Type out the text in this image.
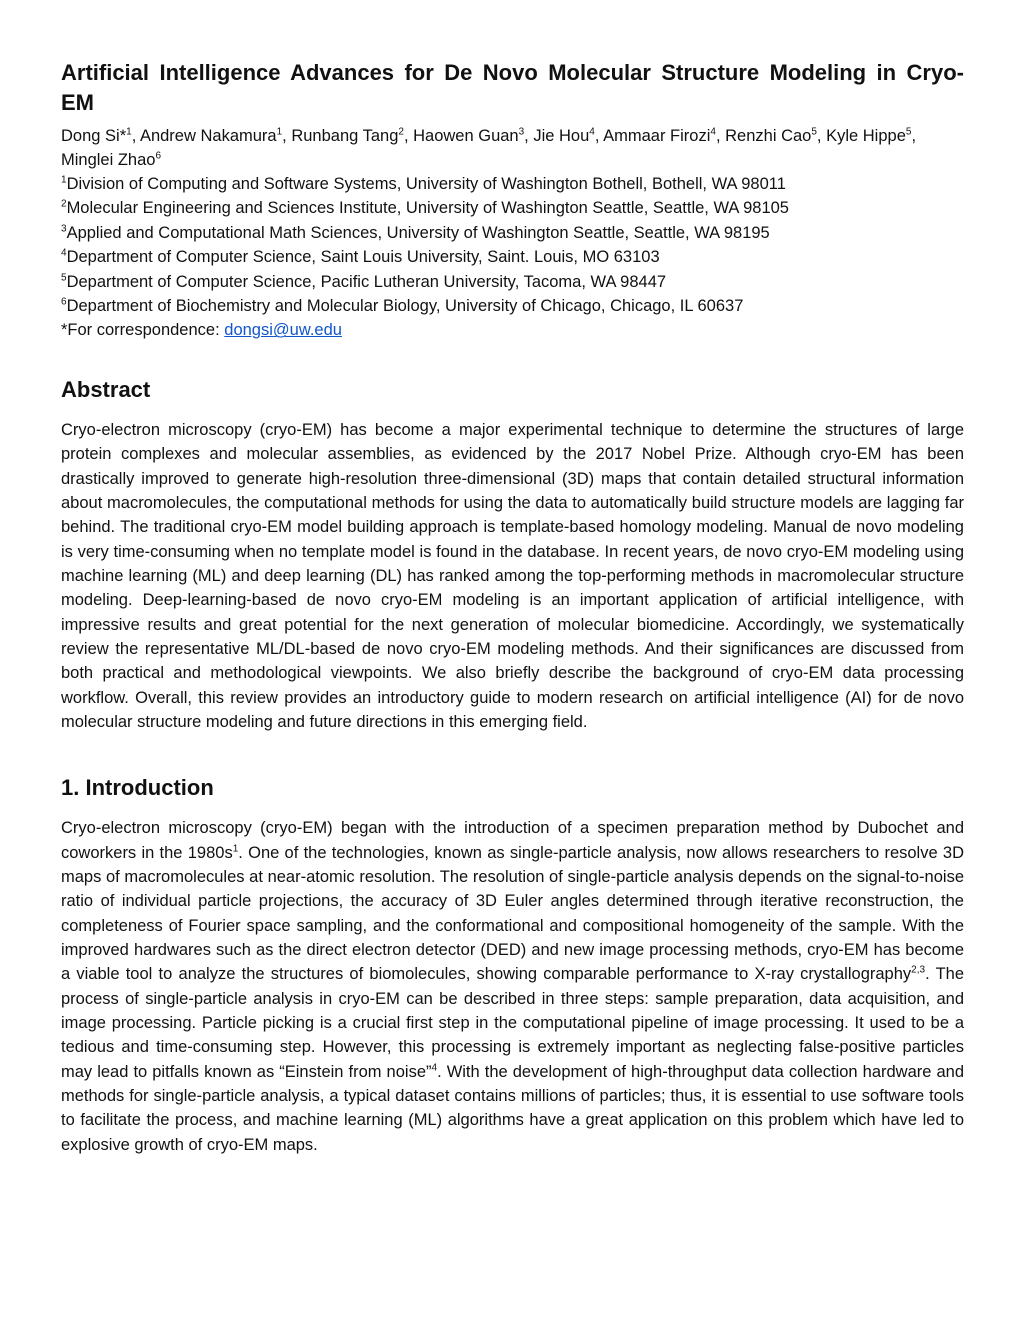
Artificial Intelligence Advances for De Novo Molecular Structure Modeling in Cryo-EM
Dong Si*$^1$, Andrew Nakamura$^1$, Runbang Tang$^2$, Haowen Guan$^3$, Jie Hou$^4$, Ammaar Firozi$^4$, Renzhi Cao$^5$, Kyle Hippe$^5$, Minglei Zhao$^6$
$^1$Division of Computing and Software Systems, University of Washington Bothell, Bothell, WA 98011
$^2$Molecular Engineering and Sciences Institute, University of Washington Seattle, Seattle, WA 98105
$^3$Applied and Computational Math Sciences, University of Washington Seattle, Seattle, WA 98195
$^4$Department of Computer Science, Saint Louis University, Saint. Louis, MO 63103
$^5$Department of Computer Science, Pacific Lutheran University, Tacoma, WA 98447
$^6$Department of Biochemistry and Molecular Biology, University of Chicago, Chicago, IL 60637
*For correspondence: dongsi@uw.edu
Abstract

Cryo-electron microscopy (cryo-EM) has become a major experimental technique to determine the structures of large protein complexes and molecular assemblies, as evidenced by the 2017 Nobel Prize. Although cryo-EM has been drastically improved to generate high-resolution three-dimensional (3D) maps that contain detailed structural information about macromolecules, the computational methods for using the data to automatically build structure models are lagging far behind. The traditional cryo-EM model building approach is template-based homology modeling. Manual de novo modeling is very time-consuming when no template model is found in the database. In recent years, de novo cryo-EM modeling using machine learning (ML) and deep learning (DL) has ranked among the top-performing methods in macromolecular structure modeling. Deep-learning-based de novo cryo-EM modeling is an important application of artificial intelligence, with impressive results and great potential for the next generation of molecular biomedicine. Accordingly, we systematically review the representative ML/DL-based de novo cryo-EM modeling methods. And their significances are discussed from both practical and methodological viewpoints. We also briefly describe the background of cryo-EM data processing workflow. Overall, this review provides an introductory guide to modern research on artificial intelligence (AI) for de novo molecular structure modeling and future directions in this emerging field.

1. Introduction

Cryo-electron microscopy (cryo-EM) began with the introduction of a specimen preparation method by Dubochet and coworkers in the $1980s^1$. One of the technologies, known as single-particle analysis, now allows researchers to resolve 3D maps of macromolecules at near-atomic resolution. The resolution of single-particle analysis depends on the signal-to-noise ratio of individual particle projections, the accuracy of 3D Euler angles determined through iterative reconstruction, the completeness of Fourier space sampling, and the conformational and compositional homogeneity of the sample. With the improved hardwares such as the direct electron detector (DED) and new image processing methods, cryo-EM has become a viable tool to analyze the structures of biomolecules, showing comparable performance to X-ray crystallography$^{2,3}$. The process of single-particle analysis in cryo-EM can be described in three steps: sample preparation, data acquisition, and image processing. Particle picking is a crucial first step in the computational pipeline of image processing. It used to be a tedious and time-consuming step. However, this processing is extremely important as neglecting false-positive particles may lead to pitfalls known as “Einstein from noise”$^4$. With the development of high-throughput data collection hardware and methods for single-particle analysis, a typical dataset contains millions of particles; thus, it is essential to use software tools to facilitate the process, and machine learning (ML) algorithms have a great application on this problem which have led to explosive growth of cryo-EM maps.
